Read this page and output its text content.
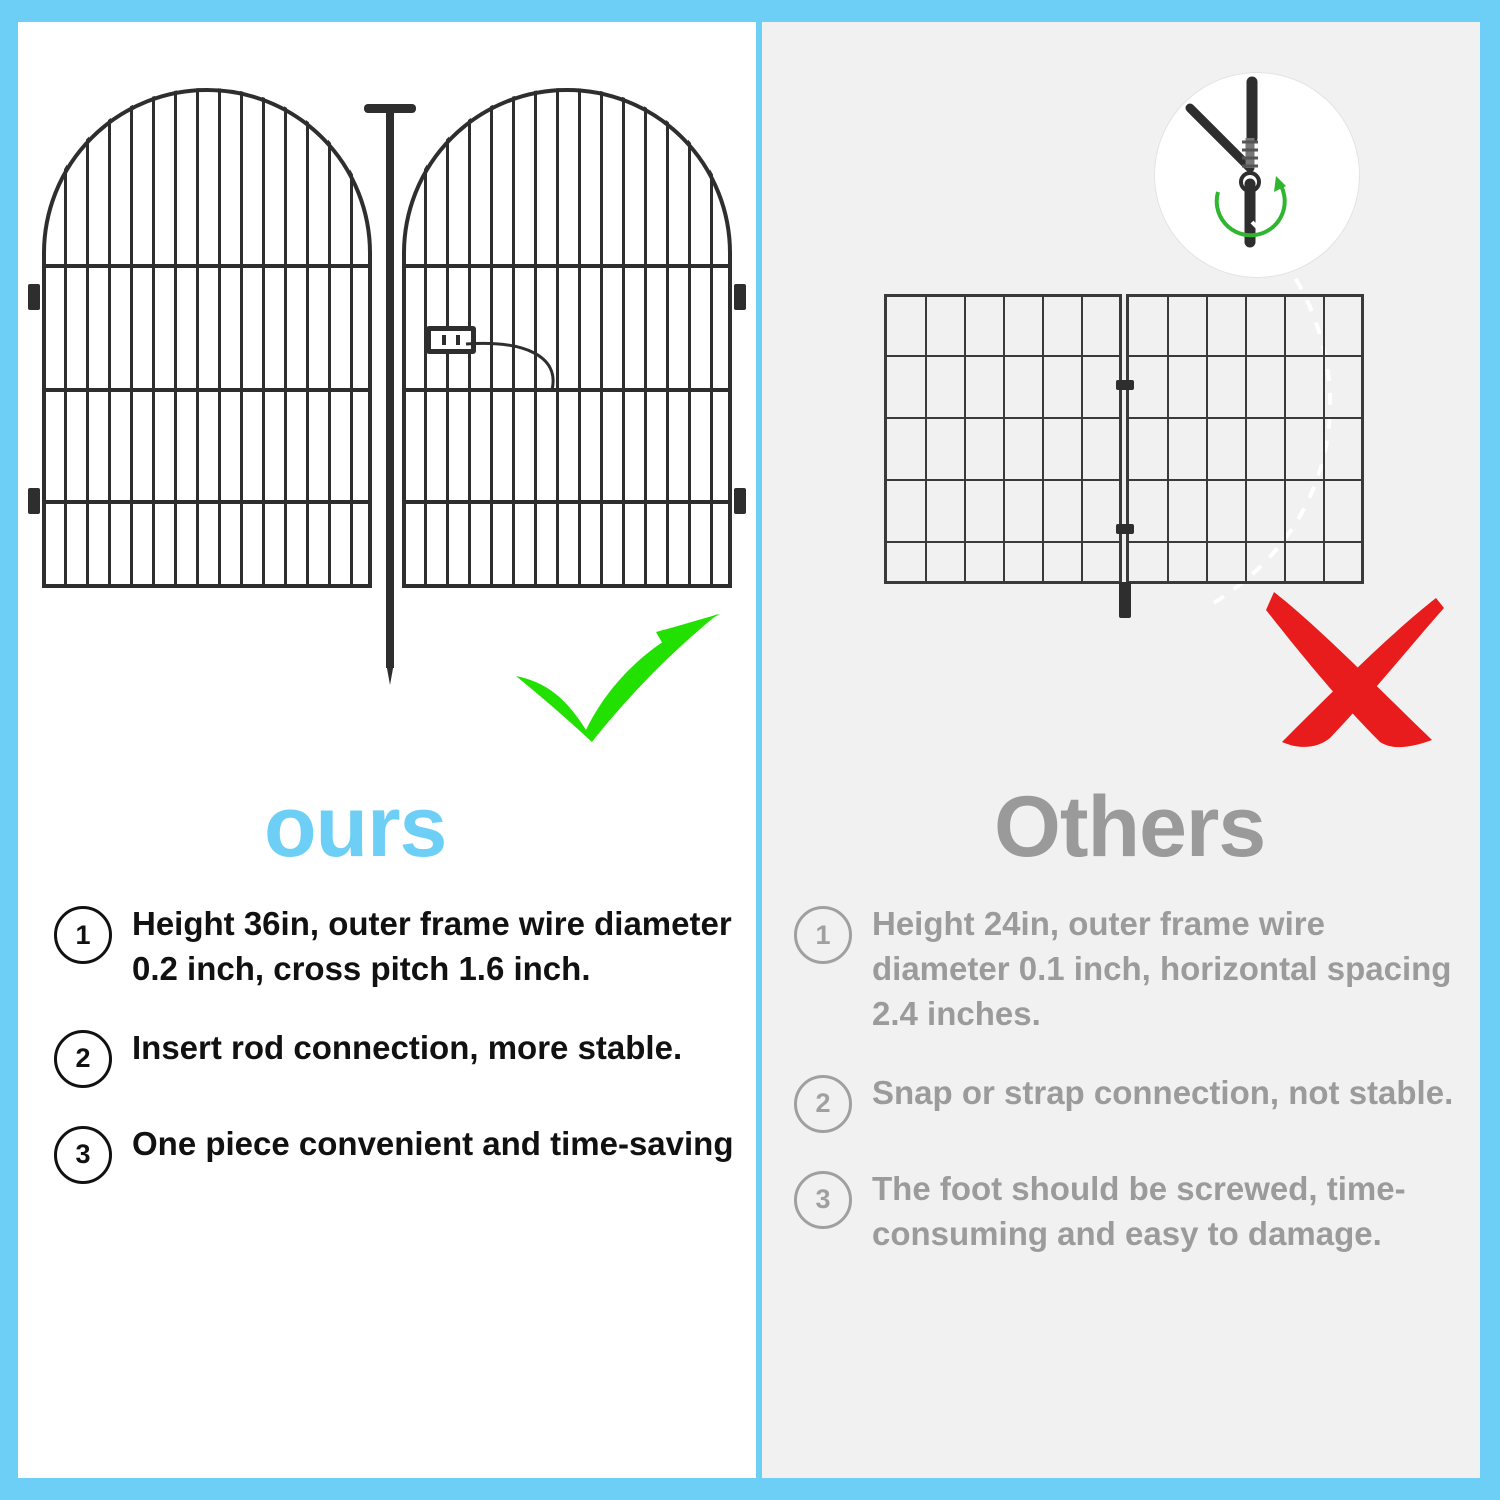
ours
1	Height 36in, outer frame wire diameter 0.2 inch, cross pitch 1.6 inch.
2	Insert rod connection, more stable.
3	One piece convenient and time-saving
Others
1	Height 24in, outer frame wire diameter 0.1 inch, horizontal spacing 2.4 inches.
2	Snap or strap connection, not stable.
3	The foot should be screwed, time-consuming and easy to damage.
